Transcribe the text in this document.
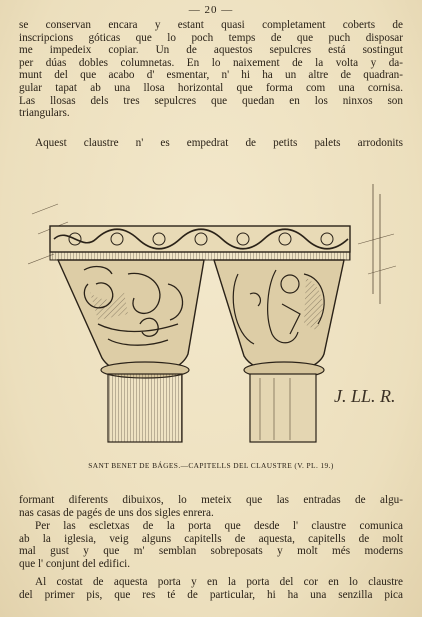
— 20 —

se conservan encara y estant quasi completament coberts de
inscripcions góticas que lo poch temps de que puch disposar
me impedeix copiar. Un de aquestos sepulcres está sostingut
per dúas dobles columnetas. En lo naixement de la volta y da-
munt del que acabo d' esmentar, n' hi ha un altre de quadran-
gular tapat ab una llosa horizontal que forma com una cornisa.
Las llosas dels tres sepulcres que quedan en los ninxos son
triangulars.

Aquest claustre n' es empedrat de petits palets arrodonits

J. LL. R.
SANT BENET DE BÁGES.—CAPITELLS DEL CLAUSTRE (V. PL. 19.)

formant diferents dibuixos, lo meteix que las entradas de algu-
nas casas de pagés de uns dos sigles enrera.

Per las escletxas de la porta que desde l' claustre comunica
ab la iglesia, veig alguns capitells de aquesta, capitells de molt
mal gust y que m' semblan sobreposats y molt més moderns
que l' conjunt del edifici.

Al costat de aquesta porta y en la porta del cor en lo claustre
del primer pis, que res té de particular, hi ha una senzilla pica
